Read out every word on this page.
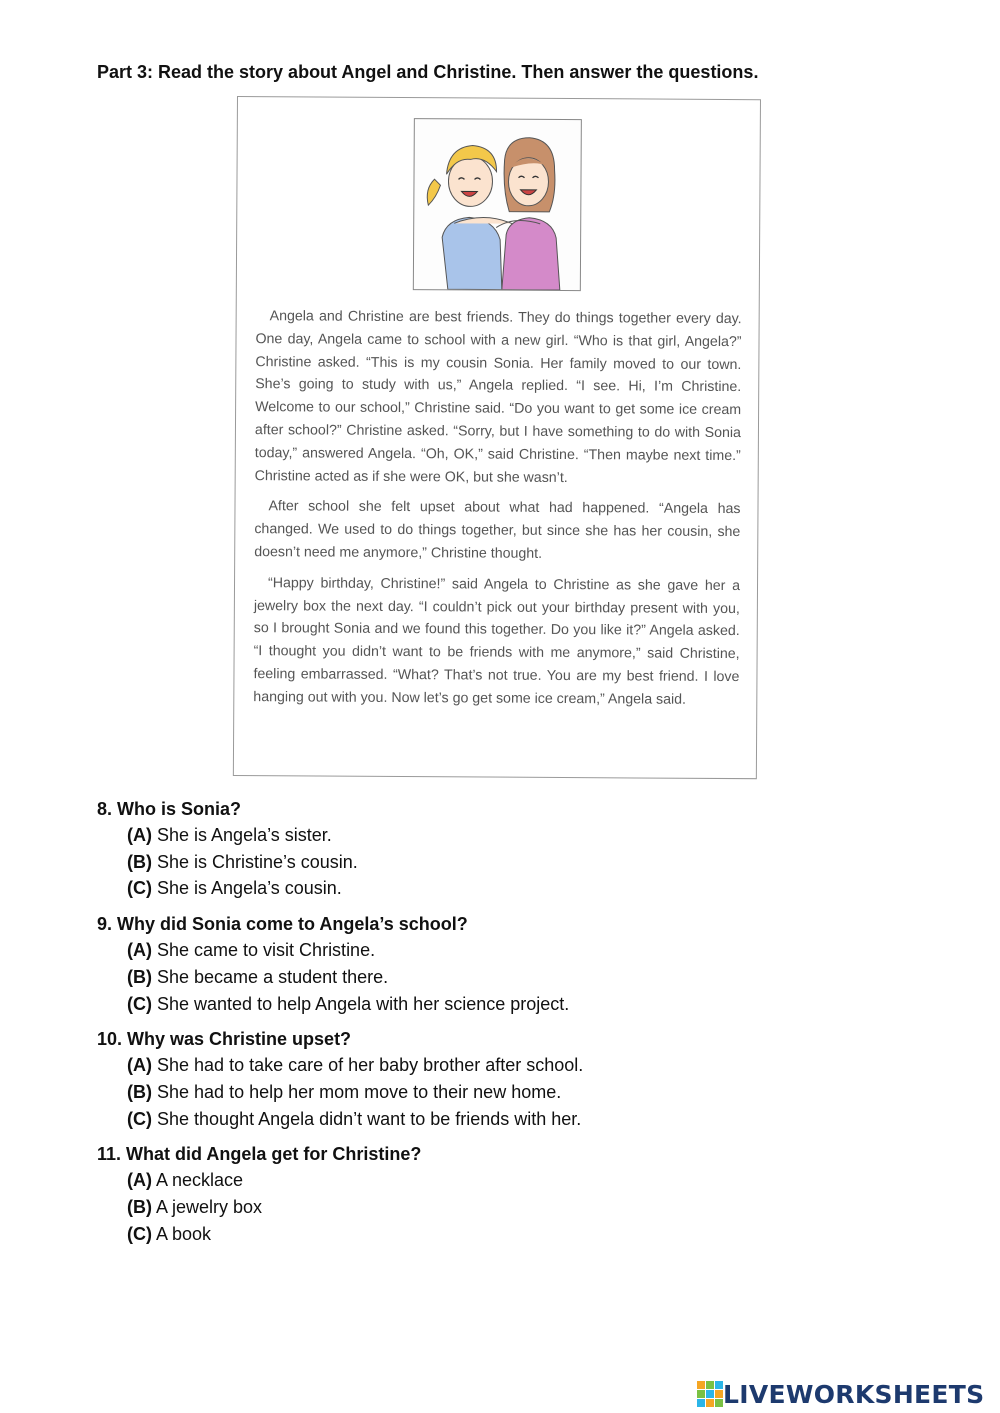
Part 3: Read the story about Angel and Christine. Then answer the questions.

Angela and Christine are best friends. They do things together every day. One day, Angela came to school with a new girl. “Who is that girl, Angela?” Christine asked. “This is my cousin Sonia. Her family moved to our town. She’s going to study with us,” Angela replied. “I see. Hi, I’m Christine. Welcome to our school,” Christine said. “Do you want to get some ice cream after school?” Christine asked. “Sorry, but I have something to do with Sonia today,” answered Angela. “Oh, OK,” said Christine. “Then maybe next time.” Christine acted as if she were OK, but she wasn’t.

After school she felt upset about what had happened. “Angela has changed. We used to do things together, but since she has her cousin, she doesn’t need me anymore,” Christine thought.

“Happy birthday, Christine!” said Angela to Christine as she gave her a jewelry box the next day. “I couldn’t pick out your birthday present with you, so I brought Sonia and we found this together. Do you like it?” Angela asked. “I thought you didn’t want to be friends with me anymore,” said Christine, feeling embarrassed. “What? That’s not true. You are my best friend. I love hanging out with you. Now let’s go get some ice cream,” Angela said.

8. Who is Sonia?
(A) She is Angela’s sister.
(B) She is Christine’s cousin.
(C) She is Angela’s cousin.
9. Why did Sonia come to Angela’s school?
(A) She came to visit Christine.
(B) She became a student there.
(C) She wanted to help Angela with her science project.
10. Why was Christine upset?
(A) She had to take care of her baby brother after school.
(B) She had to help her mom move to their new home.
(C) She thought Angela didn’t want to be friends with her.
11. What did Angela get for Christine?
(A) A necklace
(B) A jewelry box
(C) A book
LIVEWORKSHEETS
